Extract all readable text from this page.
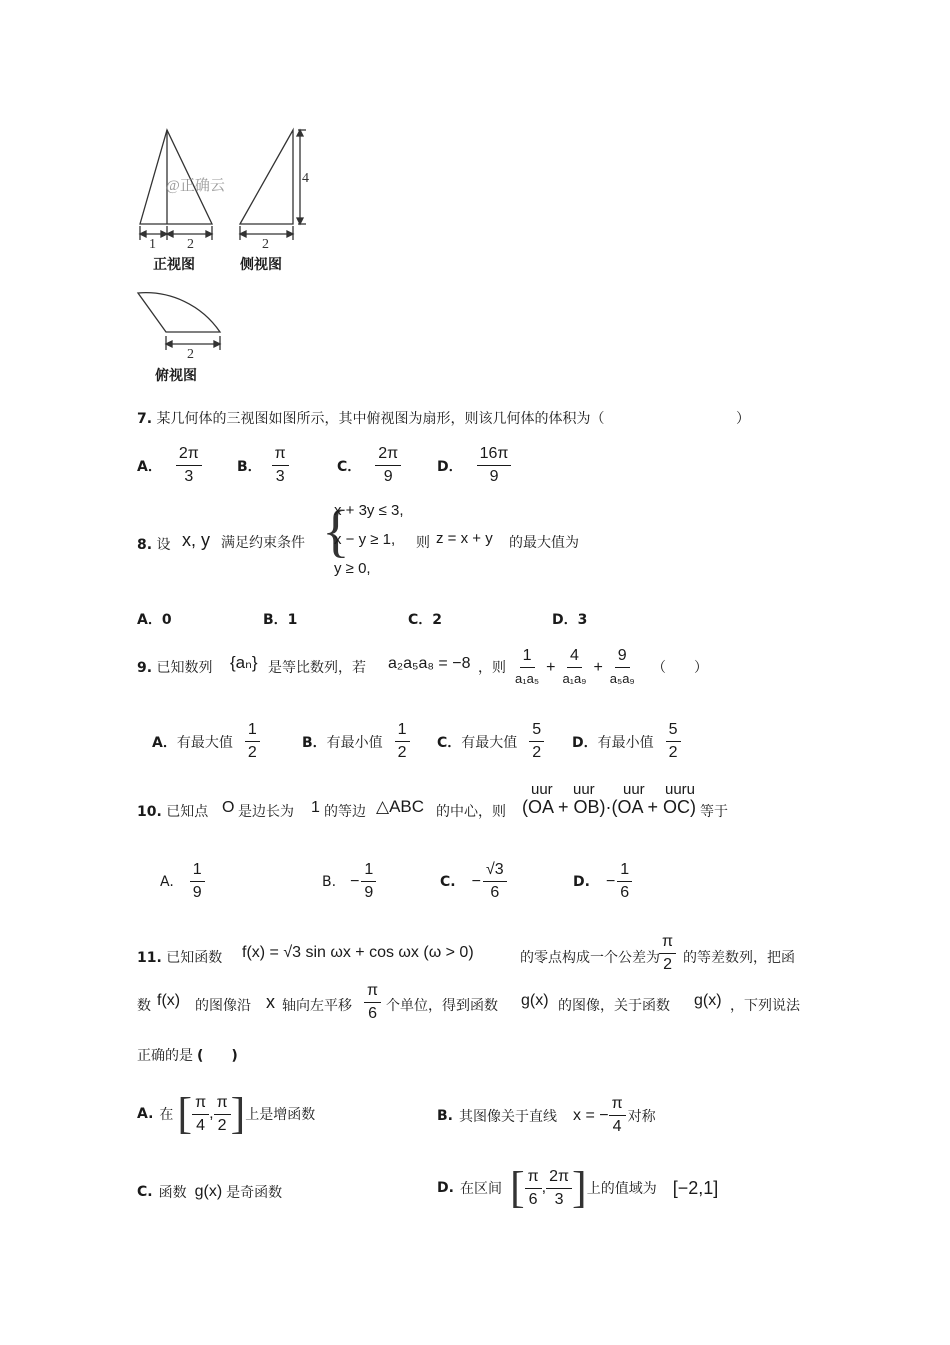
1 2
@正确云
2
4
2
正视图	侧视图
俯视图
7. 某几何体的三视图如图所示，其中俯视图为扇形，则该几何体的体积为（	）
A． $\frac{2\pi}{3}$	B． $\frac{\pi}{3}$	C． $\frac{2\pi}{9}$	D． $\frac{16\pi}{9}$
8. 设 x, y 满足约束条件 {
x + 3y ≤ 3,
x − y ≥ 1,
y ≥ 0,
则 z = x + y 的最大值为
A．0	B．1	C．2	D．3
9. 已知数列 {aₙ} 是等比数列，若 a₂a₅a₈ = −8 ，则 $\frac{1}{\text{a₁a₅}} + \frac{4}{\text{a₁a₉}} + \frac{9}{\text{a₅a₉}}$ （　　）
A． 有最大值 $\frac{1}{2}$	B． 有最小值 $\frac{1}{2}$ C． 有最大值 $\frac{5}{2}$ D． 有最小值 $\frac{5}{2}$
10. 已知点 O 是边长为 1 的等边 △ABC 的中心，则
uur uur uur uuru
(OA + OB)·(OA + OC) 等于
A. $\frac{1}{9}$	B. − $\frac{1}{9}$	C. − $\frac{√3}{6}$	D. − $\frac{1}{6}$
11. 已知函数 f(x) = √3 sin ωx + cos ωx (ω > 0)	的零点构成一个公差为 $\frac{\pi}{2}$ 的等差数列，把函
数 f(x) 的图像沿 x 轴向左平移 $\frac{\pi}{6}$ 个单位，得到函数 g(x) 的图像，关于函数 g(x) ，下列说法
正确的是 (　　)
A. 在 [ $\frac{\pi}{4}$ , $\frac{\pi}{2}$ ] 上是增函数	B. 其图像关于直线 x = − $\frac{\pi}{4}$ 对称
C. 函数 g(x) 是奇函数	D. 在区间 [ $\frac{\pi}{6}$ , $\frac{2\pi}{3}$ ] 上的值域为 [−2,1]
